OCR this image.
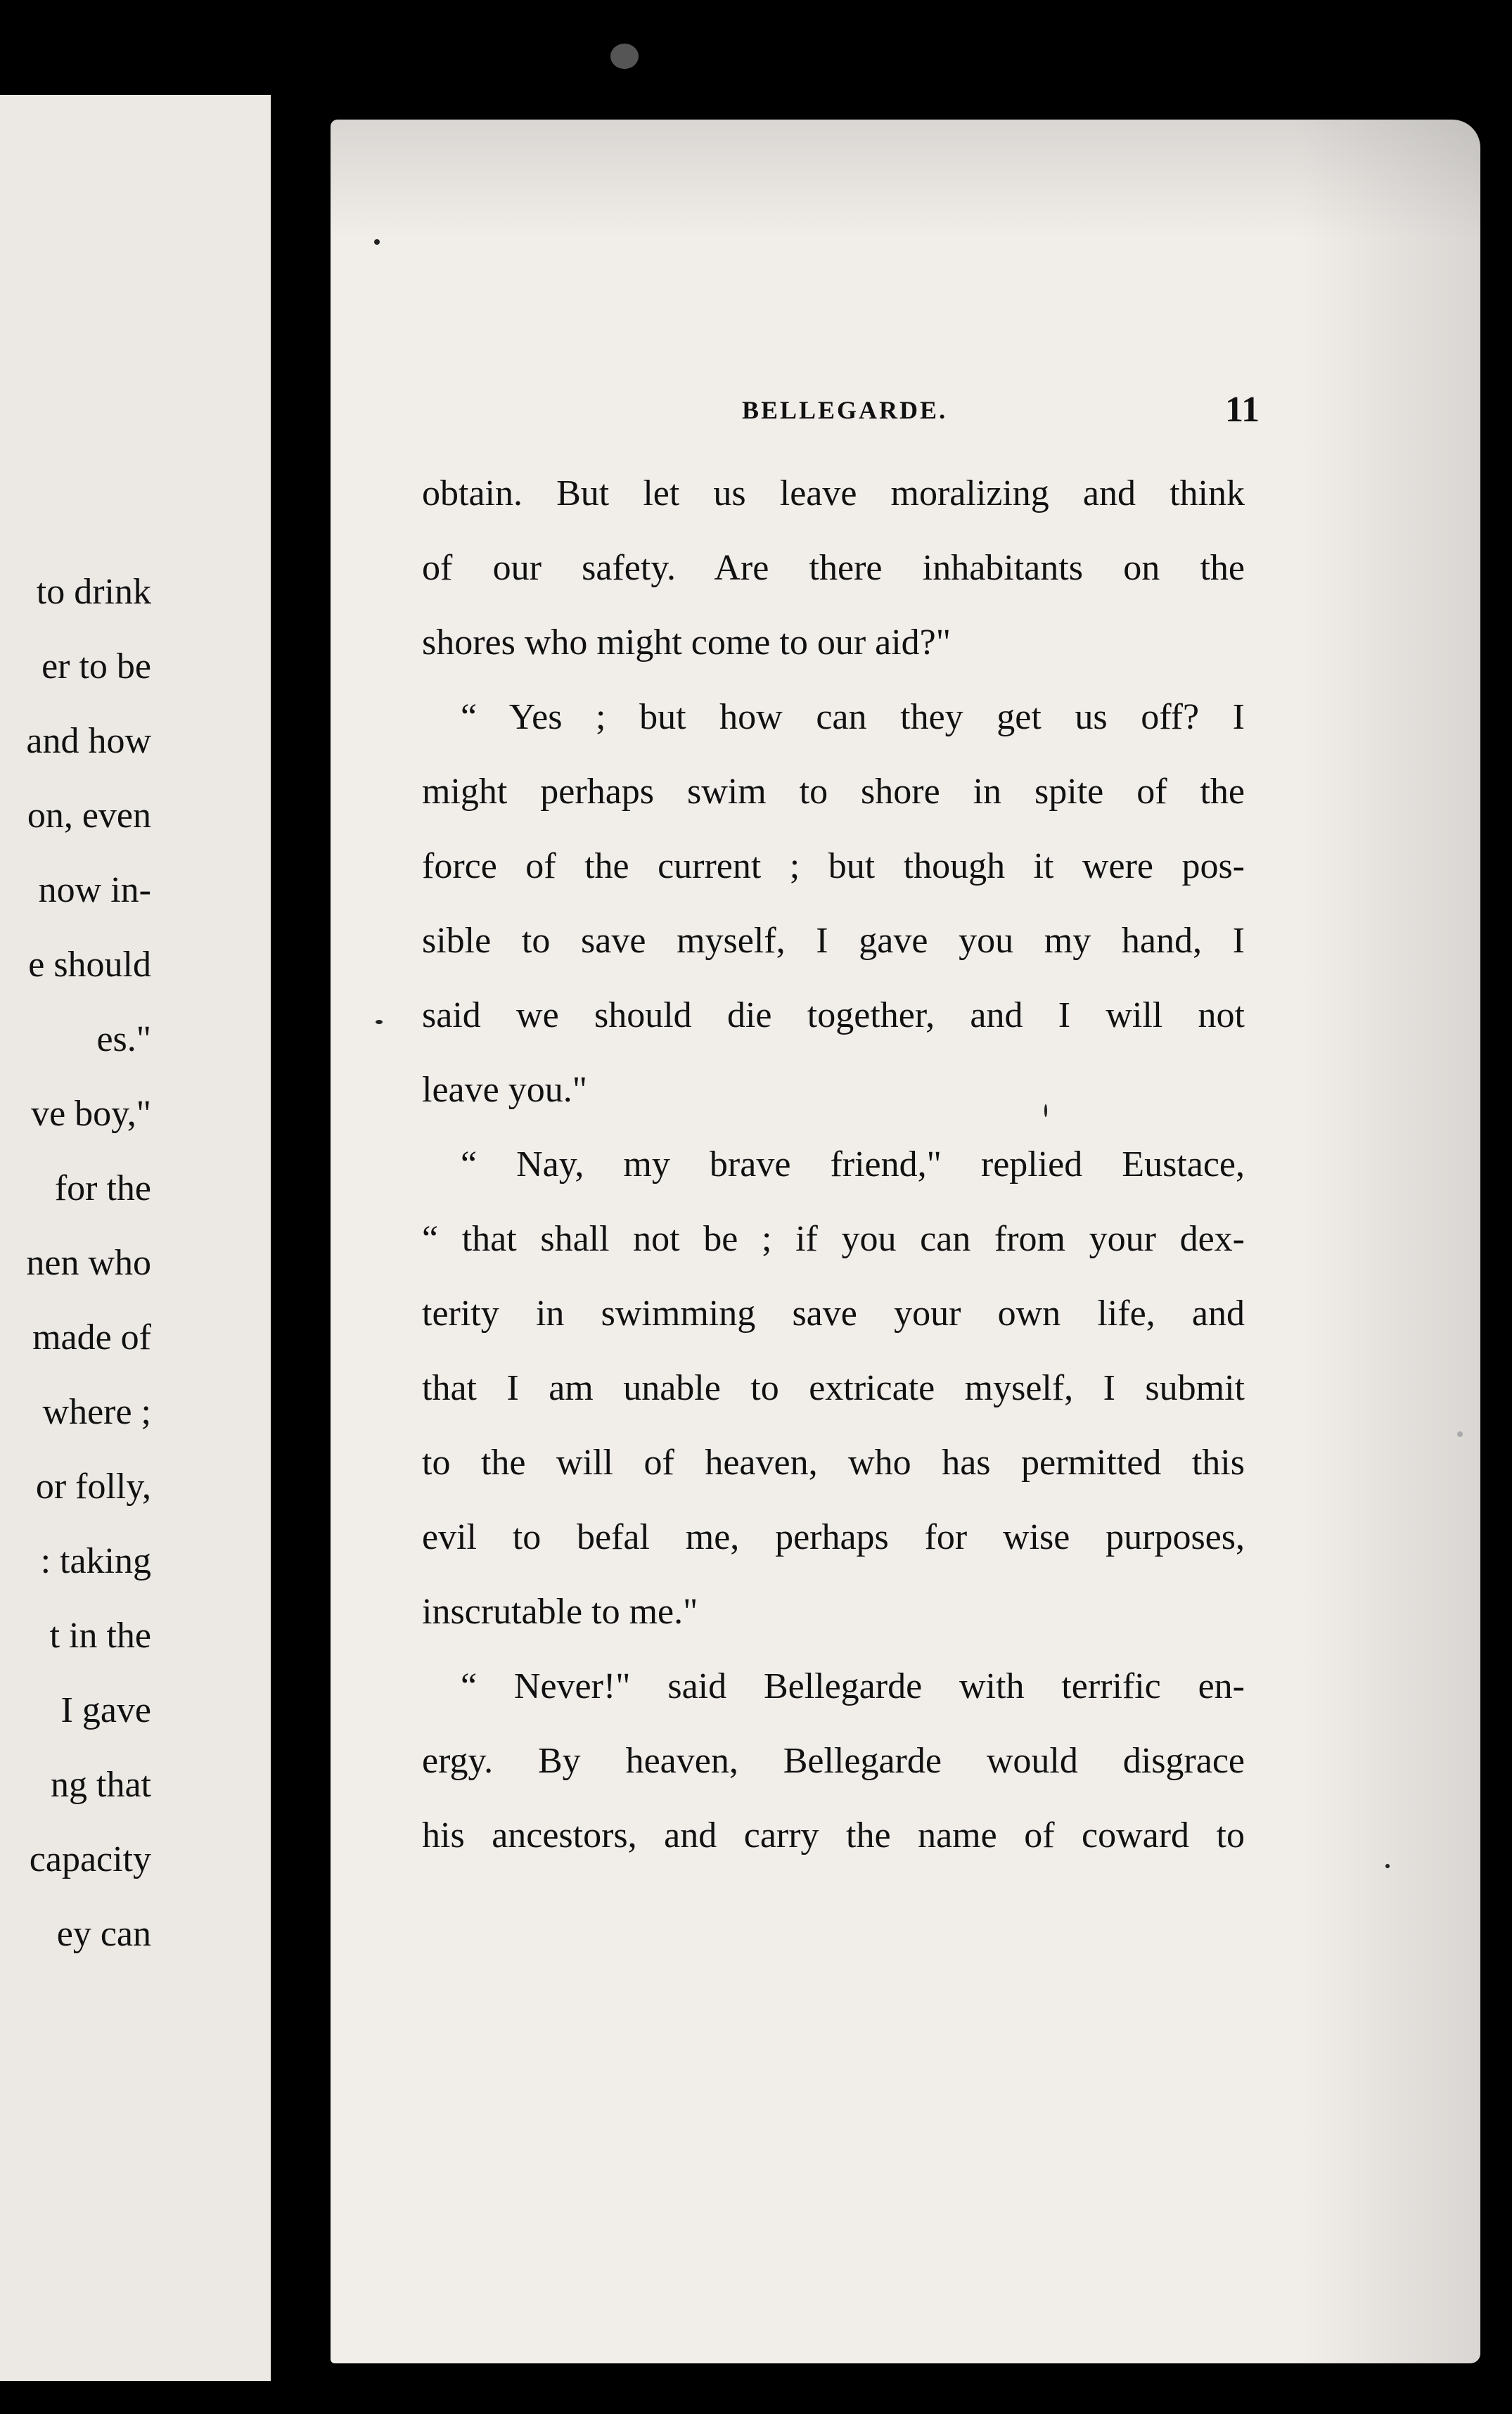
to drink
er to be
and how
on, even
now in-
e should
es."
ve boy,"
for the
nen who
made of
where ;
or folly,
: taking
t in the
I gave
ng that
capacity
ey can
BELLEGARDE.	11
obtain. But let us leave moralizing and think
of our safety. Are there inhabitants on the
shores who might come to our aid?"
“ Yes ; but how can they get us off? I
might perhaps swim to shore in spite of the
force of the current ; but though it were pos-
sible to save myself, I gave you my hand, I
said we should die together, and I will not
leave you."
“ Nay, my brave friend," replied Eustace,
“ that shall not be ; if you can from your dex-
terity in swimming save your own life, and
that I am unable to extricate myself, I submit
to the will of heaven, who has permitted this
evil to befal me, perhaps for wise purposes,
inscrutable to me."
“ Never!" said Bellegarde with terrific en-
ergy. By heaven, Bellegarde would disgrace
his ancestors, and carry the name of coward to
